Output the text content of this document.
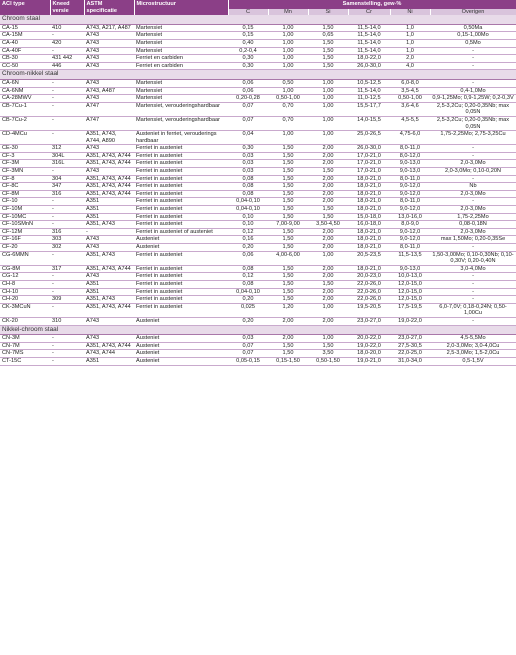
ACI type	Kneed versie	ASTM specificatie	Microstructuur	Samenstelling, gew-%					
				C	Mn	Si	Cr	Ni	Overigen
Chroom staal									
CA-15	410	A743, A217, A487	Martensiet	0,15	1,00	1,50	11,5-14,0	1,0	0,50Ma
CA-15M	-	A743	Martensiet	0,15	1,00	0,65	11,5-14,0	1,0	0,15-1,00Mo
CA-40	420	A743	Martensiet	0,40	1,00	1,50	11,5-14,0	1,0	0,5Mo
CA-40F	-	A743	Martensiet	0,2-0,4	1,00	1,50	11,5-14,0	1,0	-
CB-30	431 442	A743	Ferriet en carbiden	0,30	1,00	1,50	18,0-22,0	2,0	-
CC-50	446	A743	Ferriet en carbiden	0,30	1,00	1,50	26,0-30,0	4,0	-
Chroom-nikkel staal									
CA-6N	-	A743	Martensiet	0,06	0,50	1,00	10,5-12,5	6,0-8,0	-
CA-6NM	-	A743, A487	Martensiet	0,06	1,00	1,00	11,5-14,0	3,5-4,5	0,4-1,0Mo
CA-28MWV	-	A743	Martensiet	0,20-0,28	0,50-1,00	1,00	11,0-12,5	0,50-1,00	0,9-1,25Mo; 0,9-1,25W; 0,2-0,3V
CB-7Cu-1	-	A747	Martensiet, veroudering​shardbaar	0,07	0,70	1,00	15,5-17,7	3,6-4,6	2,5-3,2Cu; 0,20-0,35Nb; max 0,05N
CB-7Cu-2	-	A747	Martensiet, veroudering​shardbaar	0,07	0,70	1,00	14,0-15,5	4,5-5,5	2,5-3,2Cu; 0,20-0,35Nb; max 0,05N
CD-4MCu	-	A351, A743, A744, A890	Austeniet in ferriet, verouderings​hardbaar	0,04	1,00	1,00	25,0-26,5	4,75-6,0	1,75-2,25Mo; 2,75-3,25Cu
CE-30	312	A743	Ferriet in austeniet	0,30	1,50	2,00	26,0-30,0	8,0-11,0	-
CF-3	304L	A351, A743, A744	Ferriet in austeniet	0,03	1,50	2,00	17,0-21,0	8,0-12,0	-
CF-3M	316L	A351, A743, A744	Ferriet in austeniet	0,03	1,50	2,00	17,0-21,0	9,0-13,0	2,0-3,0Mo
CF-3MN	-	A743	Ferriet in austeniet	0,03	1,50	1,50	17,0-21,0	9,0-13,0	2,0-3,0Mo; 0,10-0,20N
CF-8	304	A351, A743, A744	Ferriet in austeniet	0,08	1,50	2,00	18,0-21,0	8,0-11,0	-
CF-8C	347	A351, A743, A744	Ferriet in austeniet	0,08	1,50	2,00	18,0-21,0	9,0-12,0	Nb
CF-8M	316	A351, A743, A744	Ferriet in austeniet	0,08	1,50	2,00	18,0-21,0	9,0-12,0	2,0-3,0Mo
CF-10	-	A351	Ferriet in austeniet	0,04-0,10	1,50	2,00	18,0-21,0	8,0-11,0	-
CF-10M	-	A351	Ferriet in austeniet	0,04-0,10	1,50	1,50	18,0-21,0	9,0-12,0	2,0-3,0Mo
CF-10MC	-	A351	Ferriet in austeniet	0,10	1,50	1,50	15,0-18,0	13,0-16,0	1,75-2,25Mo
CF-10SMnN	-	A351, A743	Ferriet in austeniet	0,10	7,00-9,00	3,50-4,50	16,0-18,0	8,0-9,0	0,08-0,18N
CF-12M	316	-	Ferriet in austeniet of austeniet	0,12	1,50	2,00	18,0-21,0	9,0-12,0	2,0-3,0Mo
CF-16F	303	A743	Austeniet	0,16	1,50	2,00	18,0-21,0	9,0-12,0	max 1,50Mo; 0,20-0,35Se
CF-20	302	A743	Austeniet	0,20	1,50	2,00	18,0-21,0	8,0-11,0	-
CG-6MMN	-	A351, A743	Ferriet in austeniet	0,06	4,00-6,00	1,00	20,5-23,5	11,5-13,5	1,50-3,00Mo; 0,10-0,30Nb; 0,10-0,30V; 0,20-0,40N
CG-8M	317	A351, A743, A744	Ferriet in austeniet	0,08	1,50	2,00	18,0-21,0	9,0-13,0	3,0-4,0Mo
CG-12	-	A743	Ferriet in austeniet	0,12	1,50	2,00	20,0-23,0	10,0-13,0	-
CH-8	-	A351	Ferriet in austeniet	0,08	1,50	1,50	22,0-26,0	12,0-15,0	-
CH-10	-	A351	Ferriet in austeniet	0,04-0,10	1,50	2,00	22,0-26,0	12,0-15,0	-
CH-20	309	A351, A743	Ferriet in austeniet	0,20	1,50	2,00	22,0-26,0	12,0-15,0	-
CK-3MCuN	-	A351, A743, A744	Ferriet in austeniet	0,025	1,20	1,00	19,5-20,5	17,5-19,5	6,0-7,0V; 0,18-0,24N; 0,50-1,00Cu
CK-20	310	A743	Austeniet	0,20	2,00	2,00	23,0-27,0	19,0-22,0	-
Nikkel-chroom staal									
CN-3M	-	A743	Austeniet	0,03	2,00	1,00	20,0-22,0	23,0-27,0	4,5-5,5Mo
CN-7M	-	A351, A743, A744	Austeniet	0,07	1,50	1,50	19,0-22,0	27,5-30,5	2,0-3,0Mo; 3,0-4,0Cu
CN-7MS	-	A743, A744	Austeniet	0,07	1,50	3,50	18,0-20,0	22,0-25,0	2,5-3,0Mo; 1,5-2,0Cu
CT-15C	-	A351	Austeniet	0,05-0,15	0,15-1,50	0,50-1,50	19,0-21,0	31,0-34,0	0,5-1,5V
